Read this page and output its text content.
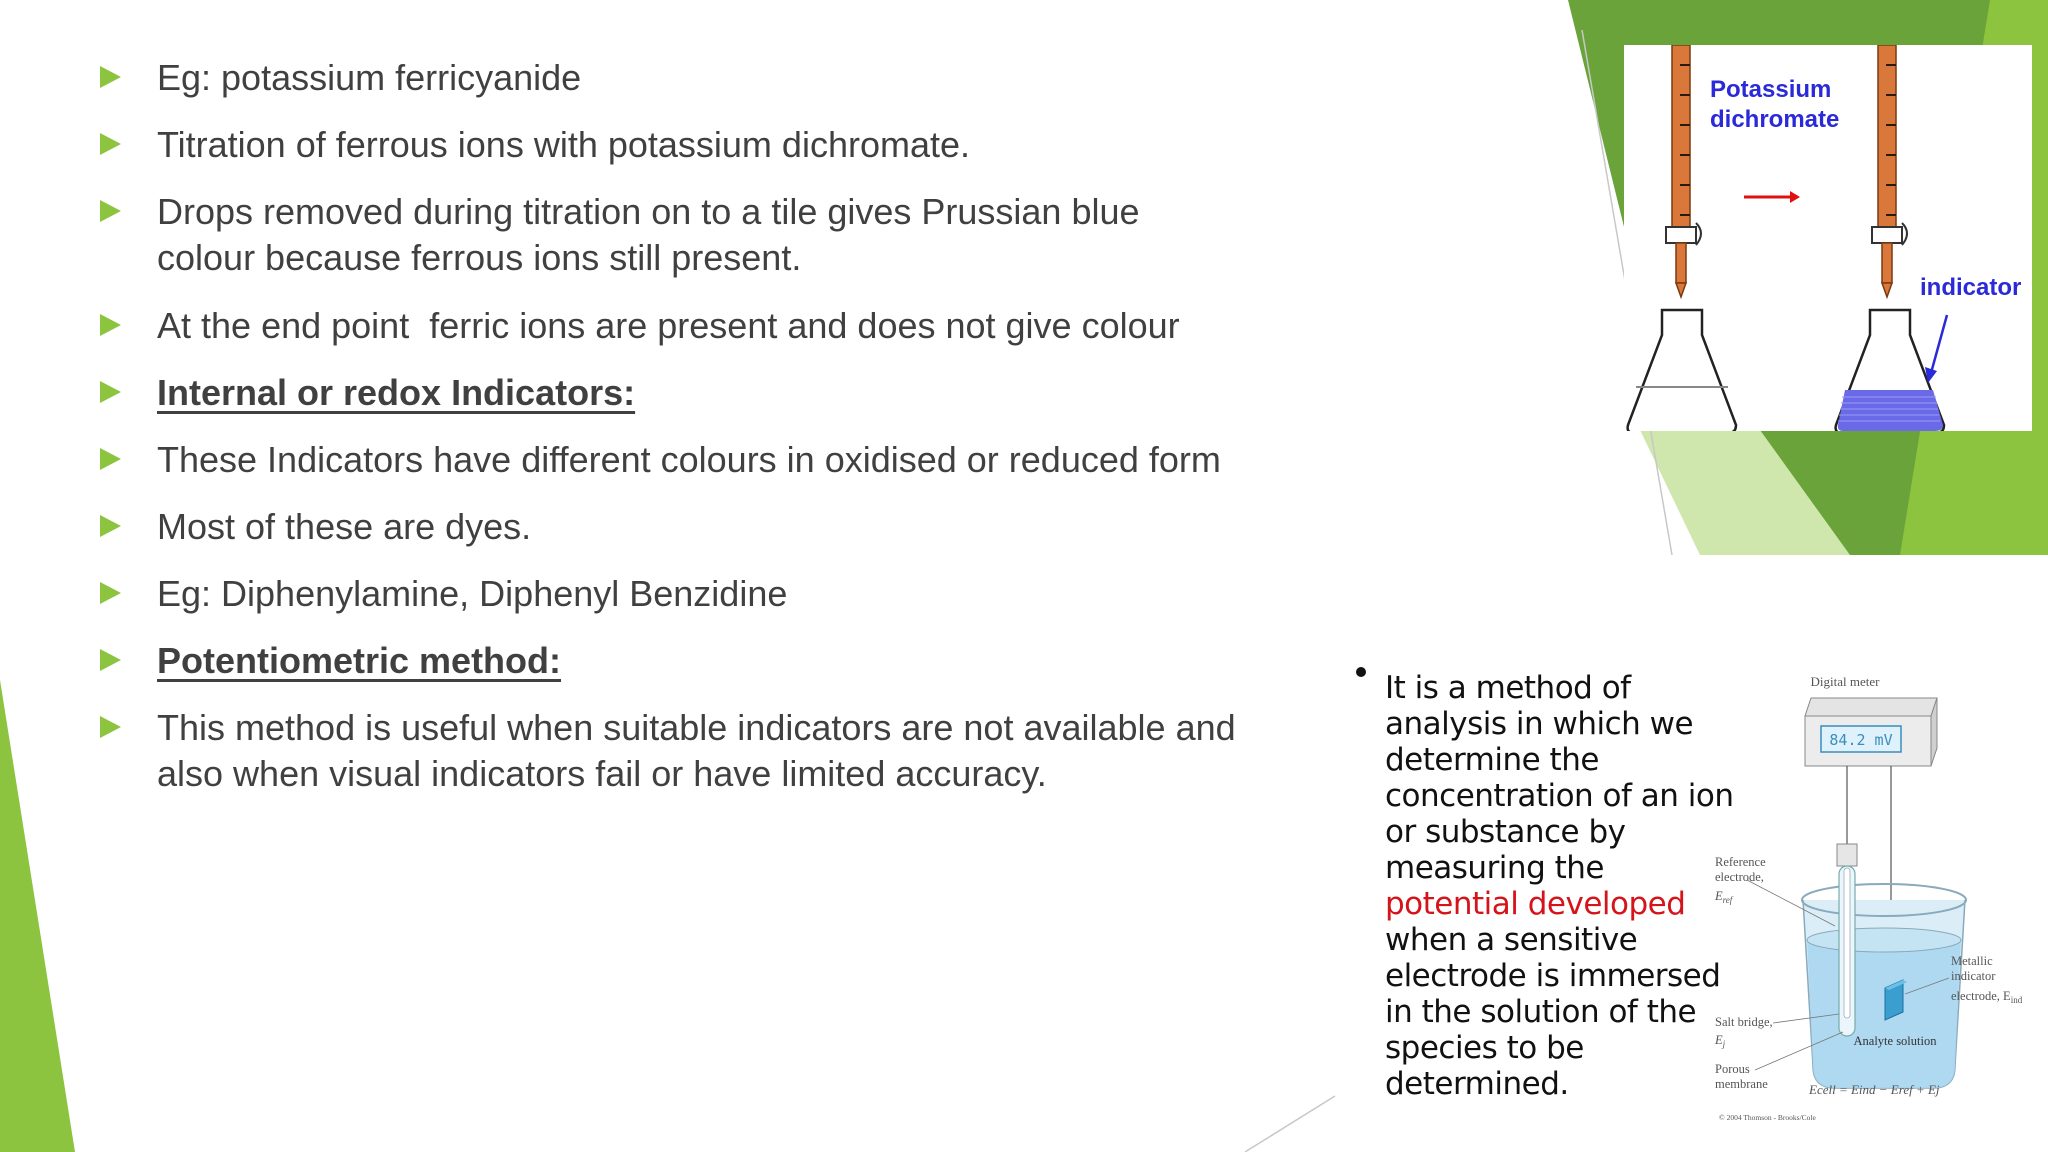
Eg: potassium ferricyanide
Titration of ferrous ions with potassium dichromate.
Drops removed during titration on to a tile gives Prussian blue colour because ferrous ions still present.
At the end point  ferric ions are present and does not give colour
Internal or redox Indicators:
These Indicators have different colours in oxidised or reduced form
Most of these are dyes.
Eg: Diphenylamine, Diphenyl Benzidine
Potentiometric method:
This method is useful when suitable indicators are not available and also when visual indicators fail or have limited accuracy.
Potassium
dichromate
indicator
It is a method of
analysis in which we
determine the
concentration of an ion
or substance by
measuring the
potential developed
when a sensitive
electrode is immersed
in the solution of the
species to be
determined.
Digital meter
84.2 mV
Reference
electrode,
$E_{ref}$
Metallic
indicator
electrode, $E_{ind}$
Salt bridge,
$E_j$
Porous
membrane
Analyte solution
Ecell = Eind − Eref + Ej
© 2004 Thomson - Brooks/Cole
